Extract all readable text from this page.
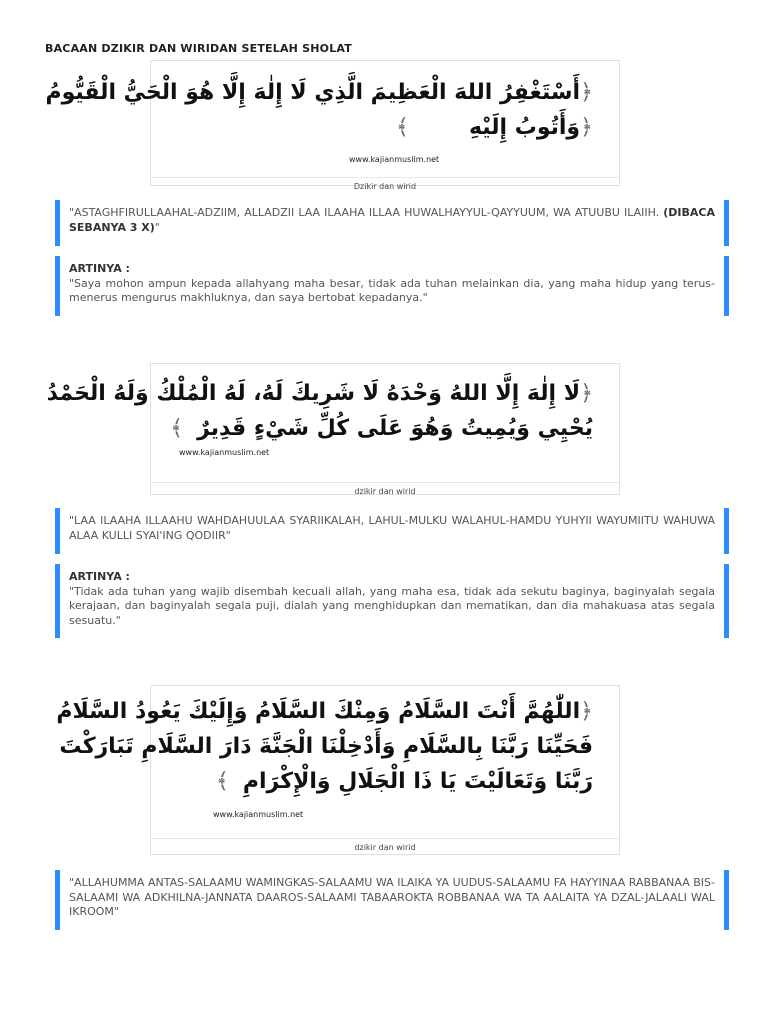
BACAAN DZIKIR DAN WIRIDAN SETELAH SHOLAT
﴿أَسْتَغْفِرُ اللهَ الْعَظِيمَ الَّذِي لَا إِلٰهَ إِلَّا هُوَ الْحَيُّ الْقَيُّومُ
﴿وَأَتُوبُ إِلَيْهِ﴾
www.kajianmuslim.net
Dzikir dan wirid
"ASTAGHFIRULLAAHAL-ADZIIM, ALLADZII LAA ILAAHA ILLAA HUWALHAYYUL-QAYYUUM, WA ATUUBU ILAIIH. (DIBACA SEBANYA 3 X)"
ARTINYA :
"Saya mohon ampun kepada allahyang maha besar, tidak ada tuhan melainkan dia, yang maha hidup yang terus-menerus mengurus makhluknya, dan saya bertobat kepadanya."
﴿لَا إِلٰهَ إِلَّا اللهُ وَحْدَهُ لَا شَرِيكَ لَهُ، لَهُ الْمُلْكُ وَلَهُ الْحَمْدُ
يُحْيِي وَيُمِيتُ وَهُوَ عَلَى كُلِّ شَيْءٍ قَدِيرٌ﴾
www.kajianmuslim.net
dzikir dan wirid
"LAA ILAAHA ILLAAHU WAHDAHUULAA SYARIIKALAH, LAHUL-MULKU WALAHUL-HAMDU YUHYII WAYUMIITU WAHUWA ALAA KULLI SYAI'ING QODIIR"
ARTINYA :
"Tidak ada tuhan yang wajib disembah kecuali allah, yang maha esa, tidak ada sekutu baginya, baginyalah segala kerajaan, dan baginyalah segala puji, dialah yang menghidupkan dan mematikan, dan dia mahakuasa atas segala sesuatu."
﴿اللّٰهُمَّ أَنْتَ السَّلَامُ وَمِنْكَ السَّلَامُ وَإِلَيْكَ يَعُودُ السَّلَامُ
فَحَيِّنَا رَبَّنَا بِالسَّلَامِ وَأَدْخِلْنَا الْجَنَّةَ دَارَ السَّلَامِ تَبَارَكْتَ
رَبَّنَا وَتَعَالَيْتَ يَا ذَا الْجَلَالِ وَالْإِكْرَامِ﴾
www.kajianmuslim.net
dzikir dan wirid
"ALLAHUMMA ANTAS-SALAAMU WAMINGKAS-SALAAMU WA ILAIKA YA UUDUS-SALAAMU FA HAYYINAA RABBANAA BIS-SALAAMI WA ADKHILNA-JANNATA DAAROS-SALAAMI TABAAROKTA ROBBANAA WA TA AALAITA YA DZAL-JALAALI WAL IKROOM"
